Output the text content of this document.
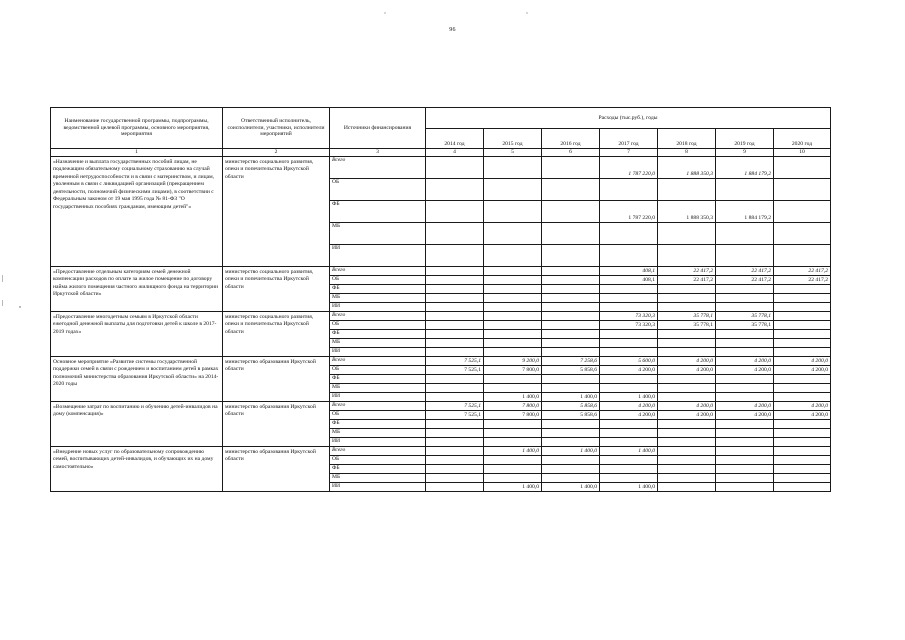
96
Наименование государственной программы, подпрограммы, ведомственной целевой программы, основного мероприятия, мероприятия	Ответственный исполнитель, соисполнители, участники, исполнители мероприятий	Источники финансирования	Расходы (тыс.руб.), годы						
			2014 год	2015 год	2016 год	2017 год	2018 год	2019 год	2020 год
1	2	3	4	5	6	7	8	9	10
«Назначение и выплата государственных пособий лицам, не подлежащим обязательному социальному страхованию на случай временной нетрудоспособности и в связи с материнством, и лицам, уволенным в связи с ликвидацией организаций (прекращением деятельности, полномочий физическими лицами), в соответствии с Федеральным законом от 19 мая 1995 года № 81-ФЗ "О государственных пособиях гражданам, имеющим детей"»	министерство социального развития, опеки и попечительства Иркутской области	Всего				1 787 220,0	1 888 350,3	1 884 179,2	
		ОБ							
		ФБ				1 787 220,0	1 888 350,3	1 884 179,2	
		МБ							
		ИИ							
«Предоставление отдельным категориям семей денежной компенсации расходов по оплате за жилое помещение по договору найма жилого помещения частного жилищного фонда на территории Иркутской области»	министерство социального развития, опеки и попечительства Иркутской области	Всего				408,1	22 417,2	22 417,2	22 417,2
		ОБ				408,1	22 417,2	22 417,2	22 417,2
		ФБ							
		МБ							
		ИИ							
«Предоставление многодетным семьям в Иркутской области ежегодной денежной выплаты для подготовки детей к школе в 2017-2019 годах»	министерство социального развития, опеки и попечительства Иркутской области	Всего				73 320,3	35 778,1	35 778,1	
		ОБ				73 320,3	35 778,1	35 778,1	
		ФБ							
		МБ							
		ИИ							
Основное мероприятие «Развитие системы государственной поддержки семей в связи с рождением и воспитанием детей в рамках полномочий министерства образования Иркутской области» на 2014-2020 годы	министерство образования Иркутской области	Всего	7 525,1	9 200,0	7 258,6	5 600,0	4 200,0	4 200,0	4 200,0
		ОБ	7 525,1	7 800,0	5 858,6	4 200,0	4 200,0	4 200,0	4 200,0
		ФБ							
		МБ							
		ИИ		1 400,0	1 400,0	1 400,0			
«Возмещение затрат по воспитанию и обучению детей-инвалидов на дому (компенсация)»	министерство образования Иркутской области	Всего	7 525,1	7 800,0	5 858,6	4 200,0	4 200,0	4 200,0	4 200,0
		ОБ	7 525,1	7 800,0	5 858,6	4 200,0	4 200,0	4 200,0	4 200,0
		ФБ							
		МБ							
		ИИ							
«Внедрение новых услуг по образовательному сопровождению семей, воспитывающих детей-инвалидов, и обучающих их на дому самостоятельно»	министерство образования Иркутской области	Всего		1 400,0	1 400,0	1 400,0			
		ОБ							
		ФБ							
		МБ							
		ИИ		1 400,0	1 400,0	1 400,0			
